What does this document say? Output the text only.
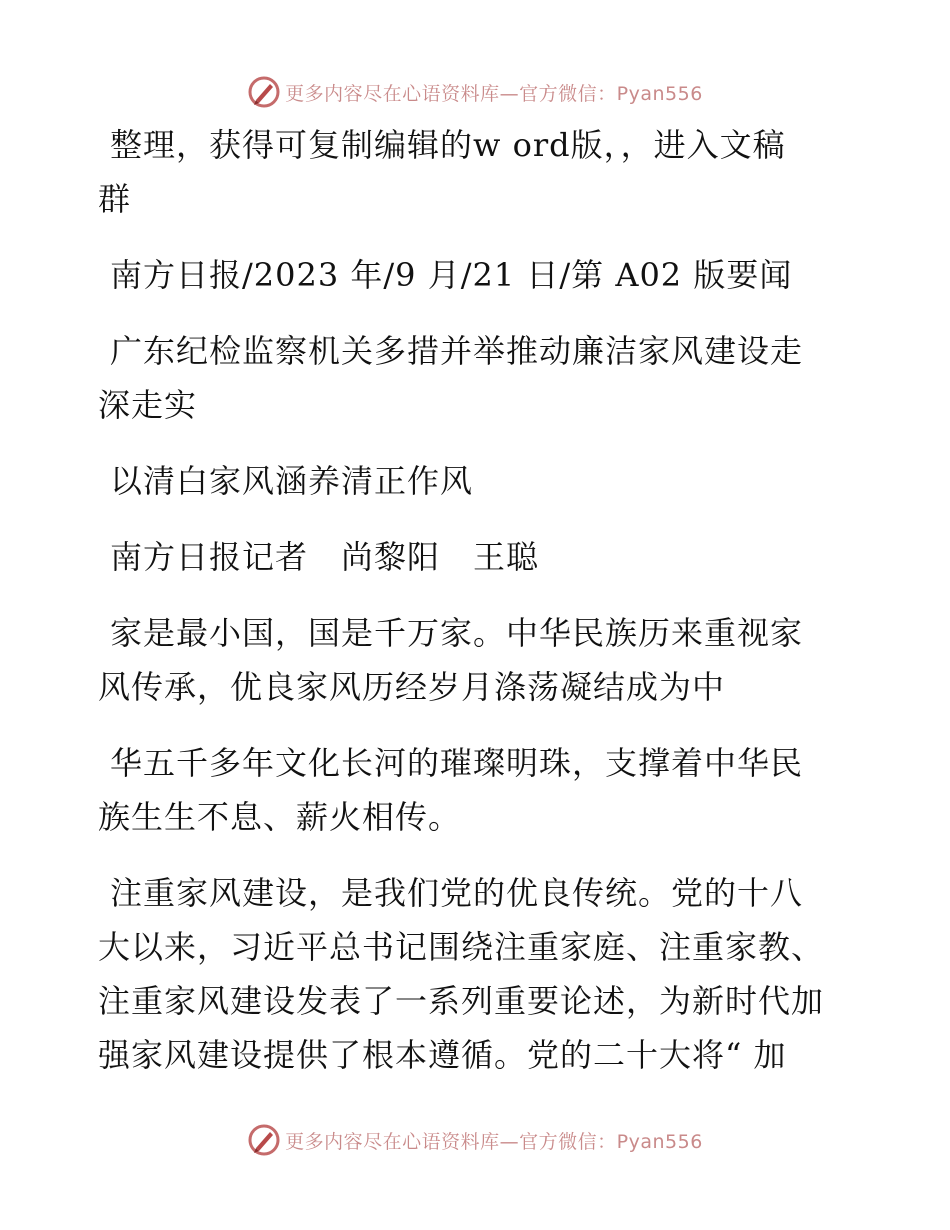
更多内容尽在心语资料库—官方微信：Pyan556
整理，获得可复制编辑的w ord版，，进入文稿
群
南方日报/2023 年/9 月/21 日/第 A02 版要闻
广东纪检监察机关多措并举推动廉洁家风建设走
深走实
以清白家风涵养清正作风
南方日报记者　尚黎阳　王聪
家是最小国，国是千万家。中华民族历来重视家
风传承，优良家风历经岁月涤荡凝结成为中
华五千多年文化长河的璀璨明珠，支撑着中华民
族生生不息、薪火相传。
注重家风建设，是我们党的优良传统。党的十八
大以来，习近平总书记围绕注重家庭、注重家教、
注重家风建设发表了一系列重要论述，为新时代加
强家风建设提供了根本遵循。党的二十大将“ 加
更多内容尽在心语资料库—官方微信：Pyan556
